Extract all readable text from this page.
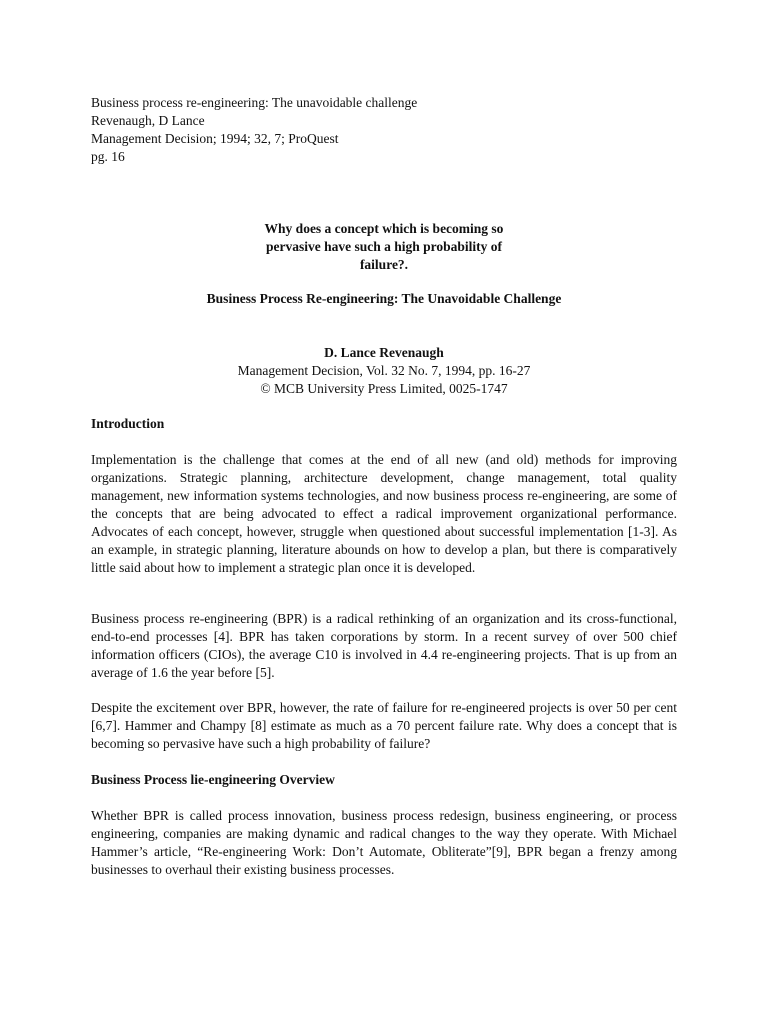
Business process re-engineering: The unavoidable challenge
Revenaugh, D Lance
Management Decision; 1994; 32, 7; ProQuest
pg. 16
Why does a concept which is becoming so
pervasive have such a high probability of
failure?.
Business Process Re-engineering: The Unavoidable Challenge
D. Lance Revenaugh
Management Decision, Vol. 32 No. 7, 1994, pp. 16-27
© MCB University Press Limited, 0025-1747
Introduction

Implementation is the challenge that comes at the end of all new (and old) methods for improving organizations. Strategic planning, architecture development, change management, total quality management, new information systems technologies, and now business process re-engineering, are some of the concepts that are being advocated to effect a radical improvement organizational performance. Advocates of each concept, however, struggle when questioned about successful implementation [1-3]. As an example, in strategic planning, literature abounds on how to develop a plan, but there is comparatively little said about how to implement a strategic plan once it is developed.

Business process re-engineering (BPR) is a radical rethinking of an organization and its cross-functional, end-to-end processes [4]. BPR has taken corporations by storm. In a recent survey of over 500 chief information officers (CIOs), the average C10 is involved in 4.4 re-engineering projects. That is up from an average of 1.6 the year before [5].

Despite the excitement over BPR, however, the rate of failure for re-engineered projects is over 50 per cent [6,7]. Hammer and Champy [8] estimate as much as a 70 percent failure rate. Why does a concept that is becoming so pervasive have such a high probability of failure?

Business Process lie-engineering Overview

Whether BPR is called process innovation, business process redesign, business engineering, or process engineering, companies are making dynamic and radical changes to the way they operate. With Michael Hammer’s article, “Re-engineering Work: Don’t Automate, Obliterate”[9], BPR began a frenzy among businesses to overhaul their existing business processes.
